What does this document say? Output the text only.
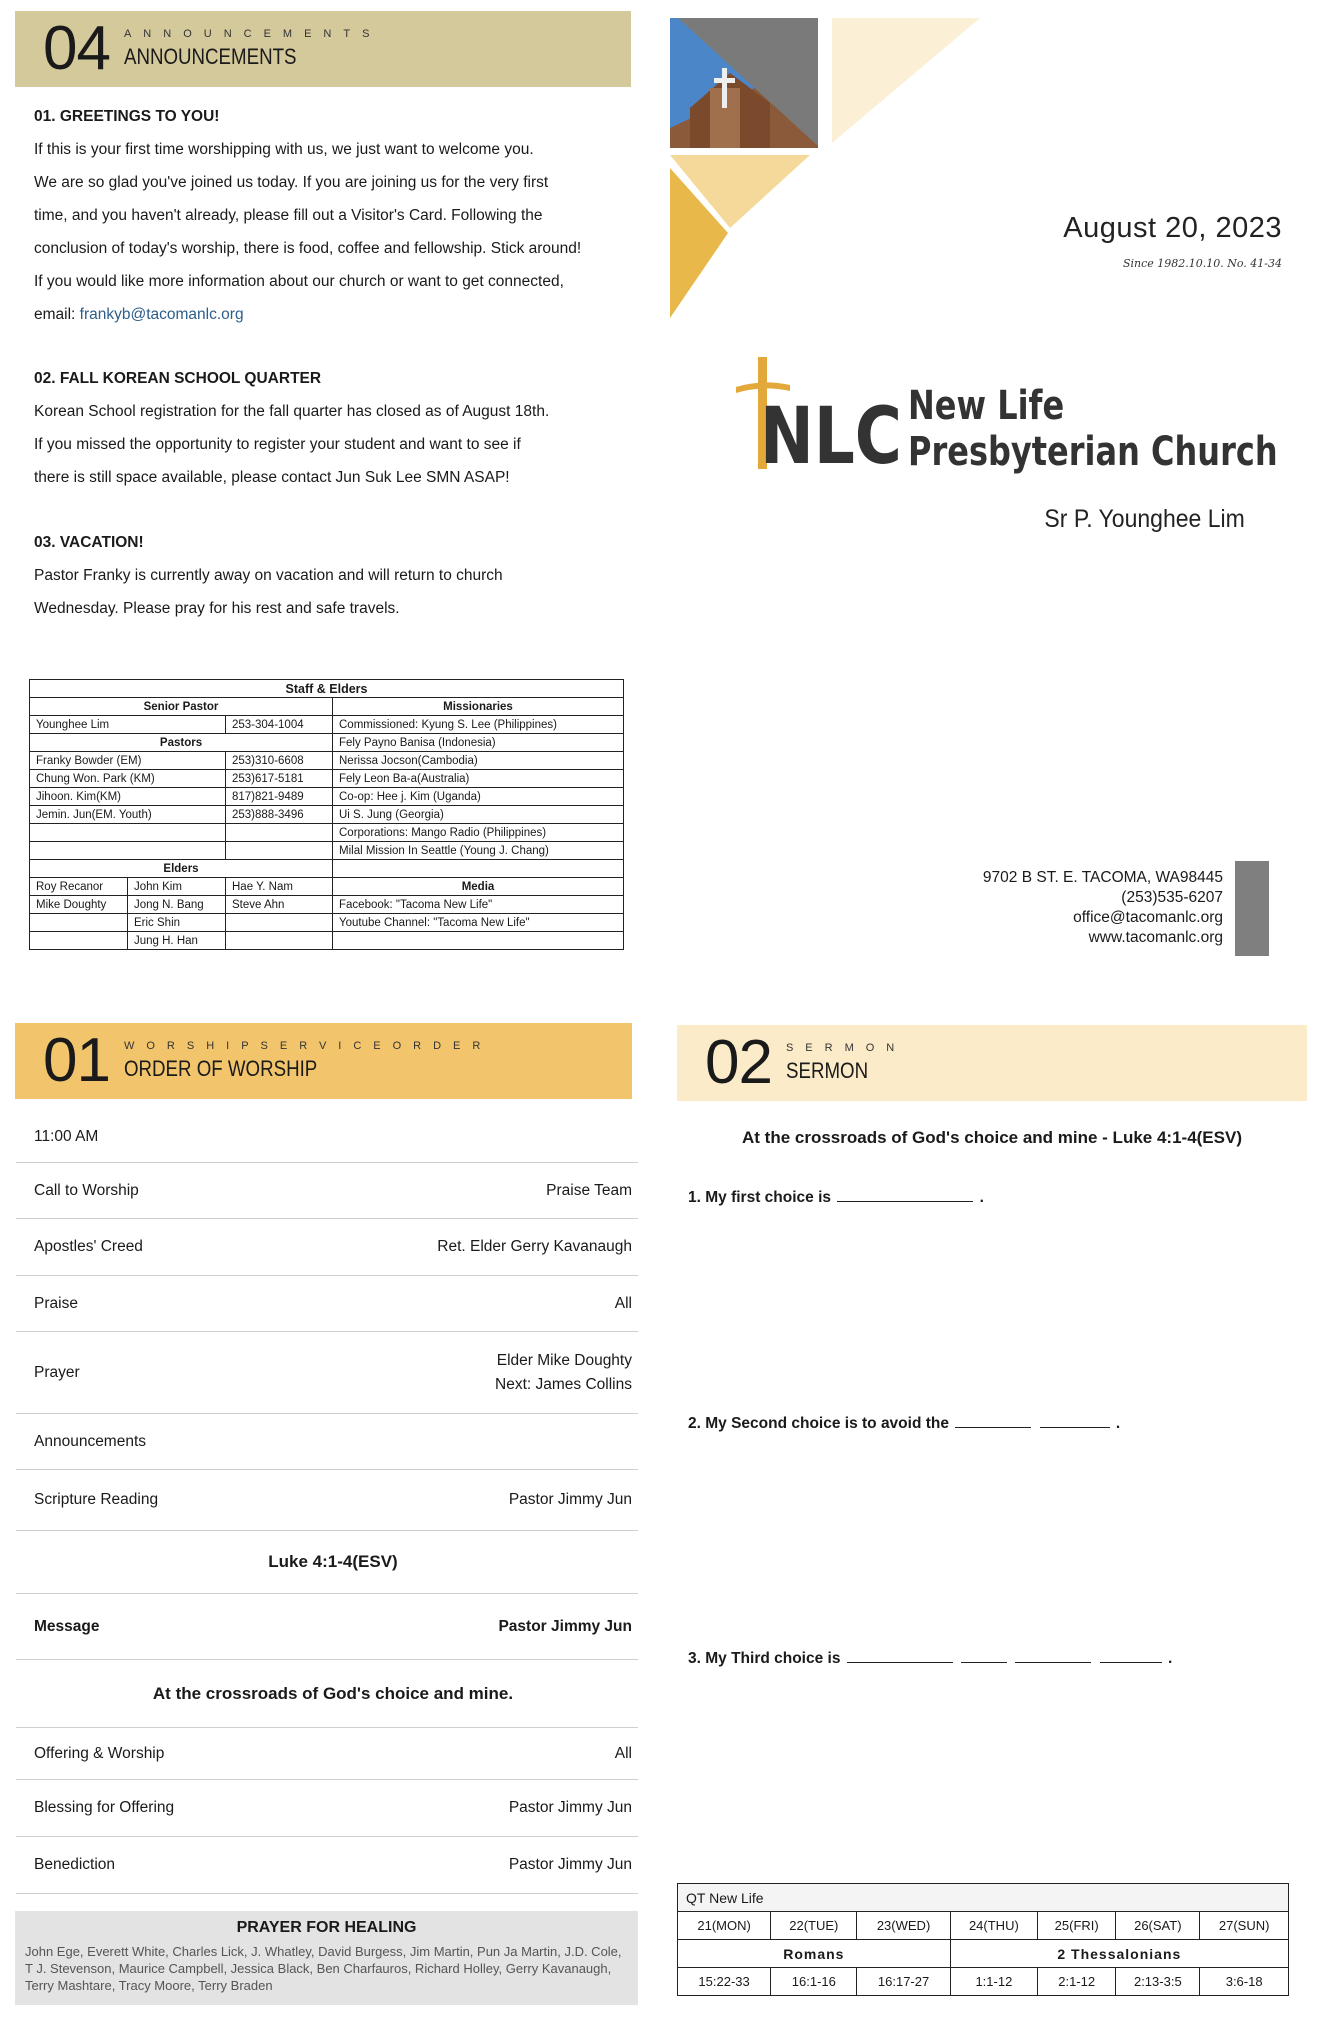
04 ANNOUNCEMENTS
ANNOUNCEMENTS
01. GREETINGS TO YOU!
If this is your first time worshipping with us, we just want to welcome you.
We are so glad you've joined us today. If you are joining us for the very first
time, and you haven't already, please fill out a Visitor's Card. Following the
conclusion of today's worship, there is food, coffee and fellowship. Stick around!
If you would like more information about our church or want to get connected,
email: frankyb@tacomanlc.org
02. FALL KOREAN SCHOOL QUARTER
Korean School registration for the fall quarter has closed as of August 18th.
If you missed the opportunity to register your student and want to see if
there is still space available, please contact Jun Suk Lee SMN ASAP!
03. VACATION!
Pastor Franky is currently away on vacation and will return to church
Wednesday. Please pray for his rest and safe travels.
Staff & Elders			
Senior Pastor			Missionaries
Younghee Lim		253-304-1004	Commissioned: Kyung S. Lee (Philippines)
Pastors			Fely Payno Banisa (Indonesia)
Franky Bowder (EM)		253)310-6608	Nerissa Jocson(Cambodia)
Chung Won. Park (KM)		253)617-5181	Fely Leon Ba-a(Australia)
Jihoon. Kim(KM)		817)821-9489	Co-op: Hee j. Kim (Uganda)
Jemin. Jun(EM. Youth)		253)888-3496	Ui S. Jung (Georgia)
			Corporations: Mango Radio (Philippines)
			Milal Mission In Seattle (Young J. Chang)
Elders			
Roy Recanor	John Kim	Hae Y. Nam	Media
Mike Doughty	Jong N. Bang	Steve Ahn	Facebook: "Tacoma New Life"
	Eric Shin		Youtube Channel: "Tacoma New Life"
	Jung H. Han		
August 20, 2023
Since 1982.10.10. No. 41-34
NLC New Life
Presbyterian Church
Sr P. Younghee Lim
9702 B ST. E. TACOMA, WA98445
(253)535-6207
office@tacomanlc.org
www.tacomanlc.org
01 WORSHIPSERVICEORDER
ORDER OF WORSHIP
11:00 AM
Call to Worship	Praise Team
Apostles' Creed	Ret. Elder Gerry Kavanaugh
Praise	All
Prayer
Elder Mike Doughty
Next: James Collins
Announcements
Scripture Reading	Pastor Jimmy Jun
Luke 4:1-4(ESV)
Message	Pastor Jimmy Jun
At the crossroads of God's choice and mine.
Offering & Worship	All
Blessing for Offering	Pastor Jimmy Jun
Benediction	Pastor Jimmy Jun
PRAYER FOR HEALING
John Ege, Everett White, Charles Lick, J. Whatley, David Burgess, Jim Martin, Pun Ja Martin, J.D. Cole, T J. Stevenson, Maurice Campbell, Jessica Black, Ben Charfauros, Richard Holley, Gerry Kavanaugh, Terry Mashtare, Tracy Moore, Terry Braden
02 SERMON
SERMON
At the crossroads of God's choice and mine - Luke 4:1-4(ESV)
1. My first choice is	.
2. My Second choice is to avoid the	.
3. My Third choice is	.
QT New Life						
21(MON)	22(TUE)	23(WED)	24(THU)	25(FRI)	26(SAT)	27(SUN)
Romans			2 Thessalonians			
15:22-33	16:1-16	16:17-27	1:1-12	2:1-12	2:13-3:5	3:6-18
